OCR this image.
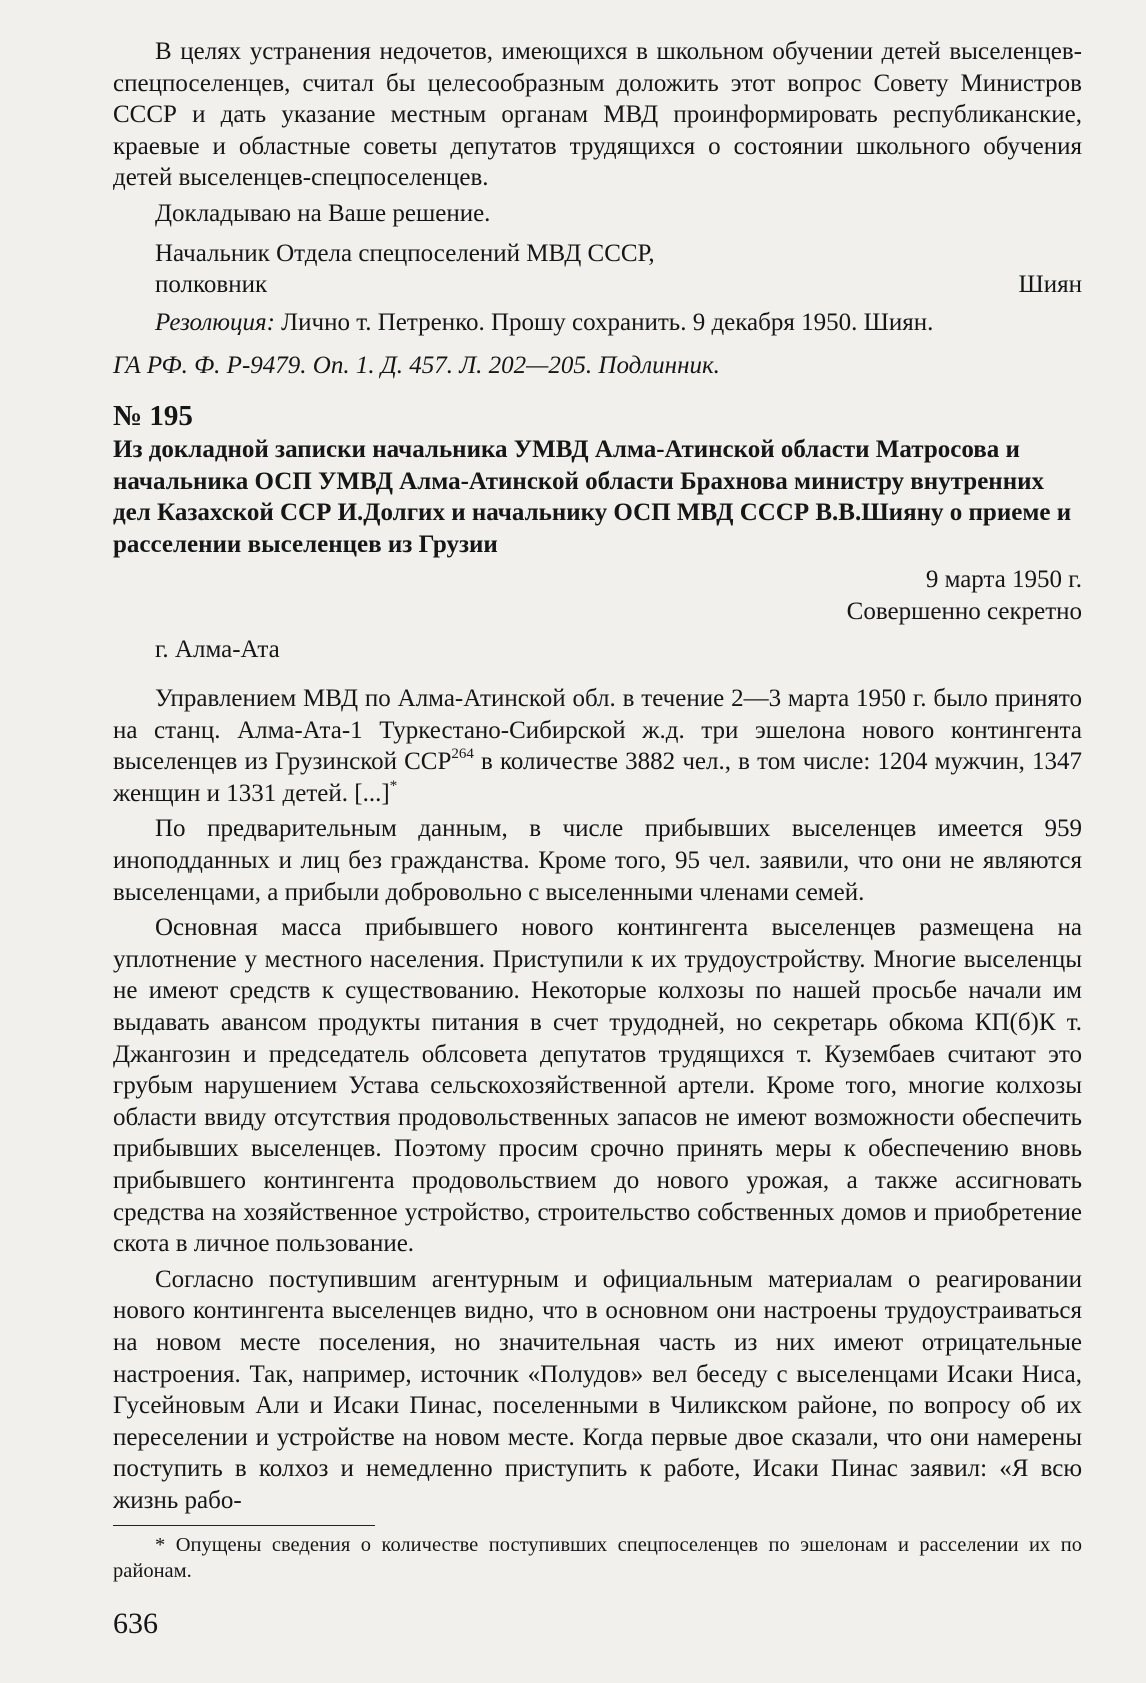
В целях устранения недочетов, имеющихся в школьном обучении детей выселенцев-спецпоселенцев, считал бы целесообразным доложить этот вопрос Совету Министров СССР и дать указание местным органам МВД проинформировать республиканские, краевые и областные советы депутатов трудящихся о состоянии школьного обучения детей выселенцев-спецпоселенцев.

Докладываю на Ваше решение.

Начальник Отдела спецпоселений МВД СССР,
полковник	Шиян
Резолюция: Лично т. Петренко. Прошу сохранить. 9 декабря 1950. Шиян.
ГА РФ. Ф. Р-9479. Оп. 1. Д. 457. Л. 202—205. Подлинник.
№ 195
Из докладной записки начальника УМВД Алма-Атинской области Матросова и начальника ОСП УМВД Алма-Атинской области Брахнова министру внутренних дел Казахской ССР И.Долгих и начальнику ОСП МВД СССР В.В.Шияну о приеме и расселении выселенцев из Грузии
9 марта 1950 г.
Совершенно секретно
г. Алма-Ата

Управлением МВД по Алма-Атинской обл. в течение 2—3 марта 1950 г. было принято на станц. Алма-Ата-1 Туркестано-Сибирской ж.д. три эшелона нового контингента выселенцев из Грузинской ССР$^{264}$ в количестве 3882 чел., в том числе: 1204 мужчин, 1347 женщин и 1331 детей. [...]*

По предварительным данным, в числе прибывших выселенцев имеется 959 иноподданных и лиц без гражданства. Кроме того, 95 чел. заявили, что они не являются выселенцами, а прибыли добровольно с выселенными членами семей.

Основная масса прибывшего нового контингента выселенцев размещена на уплотнение у местного населения. Приступили к их трудоустройству. Многие выселенцы не имеют средств к существованию. Некоторые колхозы по нашей просьбе начали им выдавать авансом продукты питания в счет трудодней, но секретарь обкома КП(б)К т. Джангозин и председатель облсовета депутатов трудящихся т. Кузембаев считают это грубым нарушением Устава сельскохозяйственной артели. Кроме того, многие колхозы области ввиду отсутствия продовольственных запасов не имеют возможности обеспечить прибывших выселенцев. Поэтому просим срочно принять меры к обеспечению вновь прибывшего контингента продовольствием до нового урожая, а также ассигновать средства на хозяйственное устройство, строительство собственных домов и приобретение скота в личное пользование.

Согласно поступившим агентурным и официальным материалам о реагировании нового контингента выселенцев видно, что в основном они настроены трудоустраиваться на новом месте поселения, но значительная часть из них имеют отрицательные настроения. Так, например, источник «Полудов» вел беседу с выселенцами Исаки Ниса, Гусейновым Али и Исаки Пинас, поселенными в Чиликском районе, по вопросу об их переселении и устройстве на новом месте. Когда первые двое сказали, что они намерены поступить в колхоз и немедленно приступить к работе, Исаки Пинас заявил: «Я всю жизнь рабо-

* Опущены сведения о количестве поступивших спецпоселенцев по эшелонам и расселении их по районам.

636
